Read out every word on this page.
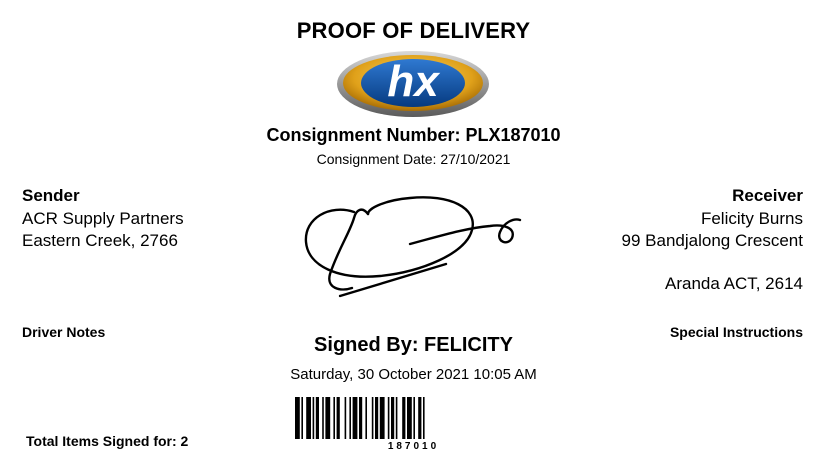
PROOF OF DELIVERY
hx
Consignment Number: PLX187010
Consignment Date: 27/10/2021
Sender
ACR Supply Partners
Eastern Creek, 2766
Receiver
Felicity Burns
99 Bandjalong Crescent
Aranda ACT, 2614
Driver Notes	Special Instructions
Signed By: FELICITY
Saturday, 30 October 2021 10:05 AM
187010
Total Items Signed for: 2
